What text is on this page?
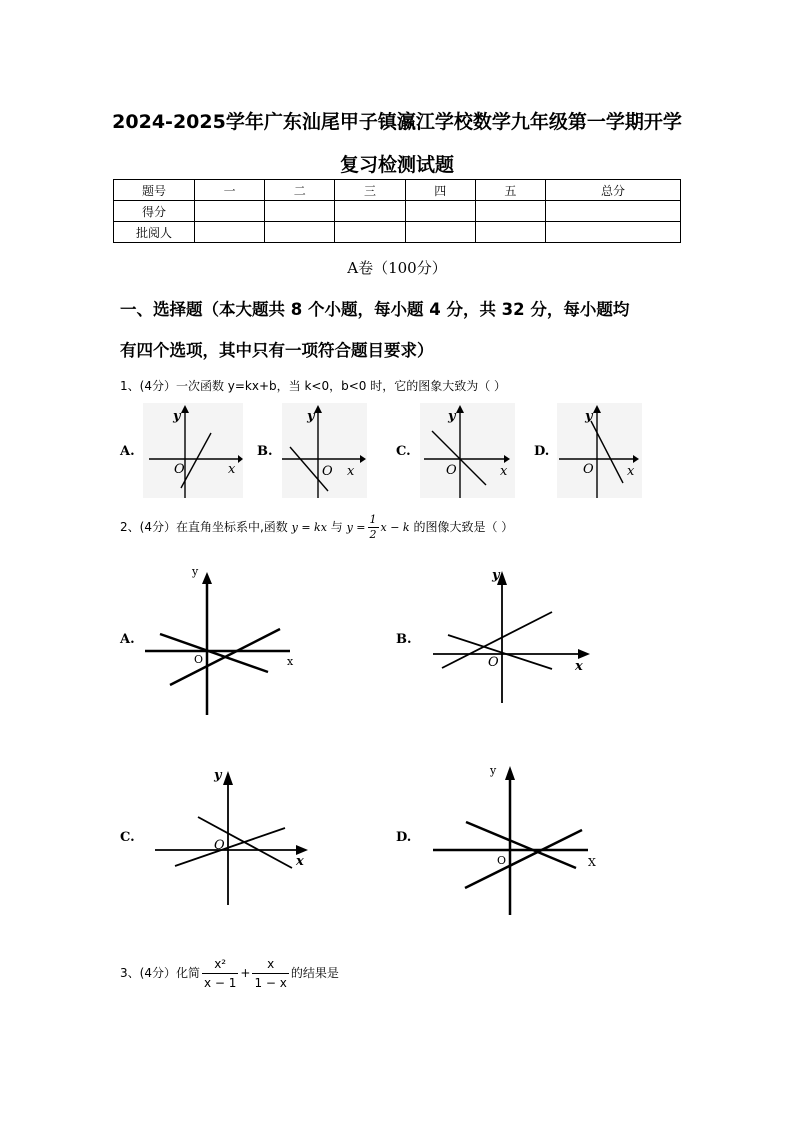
2024-2025学年广东汕尾甲子镇瀛江学校数学九年级第一学期开学
复习检测试题
题号	一	二	三	四	五	总分
得分						
批阅人						
A卷（100分）
一、选择题（本大题共 8 个小题，每小题 4 分，共 32 分，每小题均
有四个选项，其中只有一项符合题目要求）
1、(4分）一次函数 y=kx+b，当 k<0，b<0 时，它的图象大致为（ ）
A.
y
x
O
B.
y
x
O
C.
y
x
O
D.
y
x
O
2、(4分）在直角坐标系中,函数 y = kx 与 $y = \frac{1}{2}$ x − k 的图像大致是（ ）
A.
y
x
O
B.
y
x
O
C.
y
x
O
D.
y
X
O
3、(4分）化简 $\frac{\text{x²}}{x - 1} + \frac{x}{1 - x}$ 的结果是
